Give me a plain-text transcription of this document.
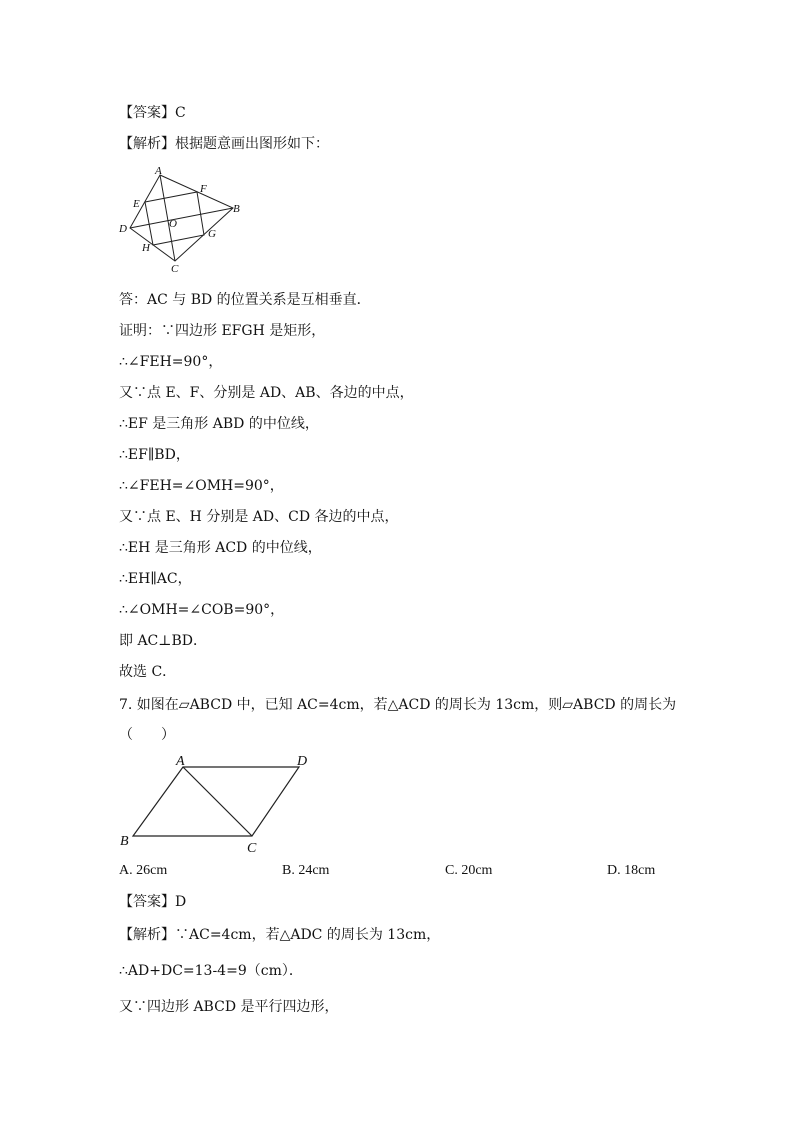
【答案】C
【解析】根据题意画出图形如下：
A
F
B
E
O
D	G
H
C
答：AC 与 BD 的位置关系是互相垂直．
证明：∵四边形 EFGH 是矩形，
∴∠FEH=90°，
又∵点 E、F、分别是 AD、AB、各边的中点，
∴EF 是三角形 ABD 的中位线，
∴EF∥BD，
∴∠FEH=∠OMH=90°，
又∵点 E、H 分别是 AD、CD 各边的中点，
∴EH 是三角形 ACD 的中位线，
∴EH∥AC，
∴∠OMH=∠COB=90°，
即 AC⊥BD．
故选 C．
7. 如图在▱ABCD 中，已知 AC=4cm，若△ACD 的周长为 13cm，则▱ABCD 的周长为
（　　）
A	D
B	C
A. 26cm	B. 24cm	C. 20cm	D. 18cm
【答案】D
【解析】∵AC=4cm，若△ADC 的周长为 13cm，
∴AD+DC=13-4=9（cm）．
又∵四边形 ABCD 是平行四边形，
